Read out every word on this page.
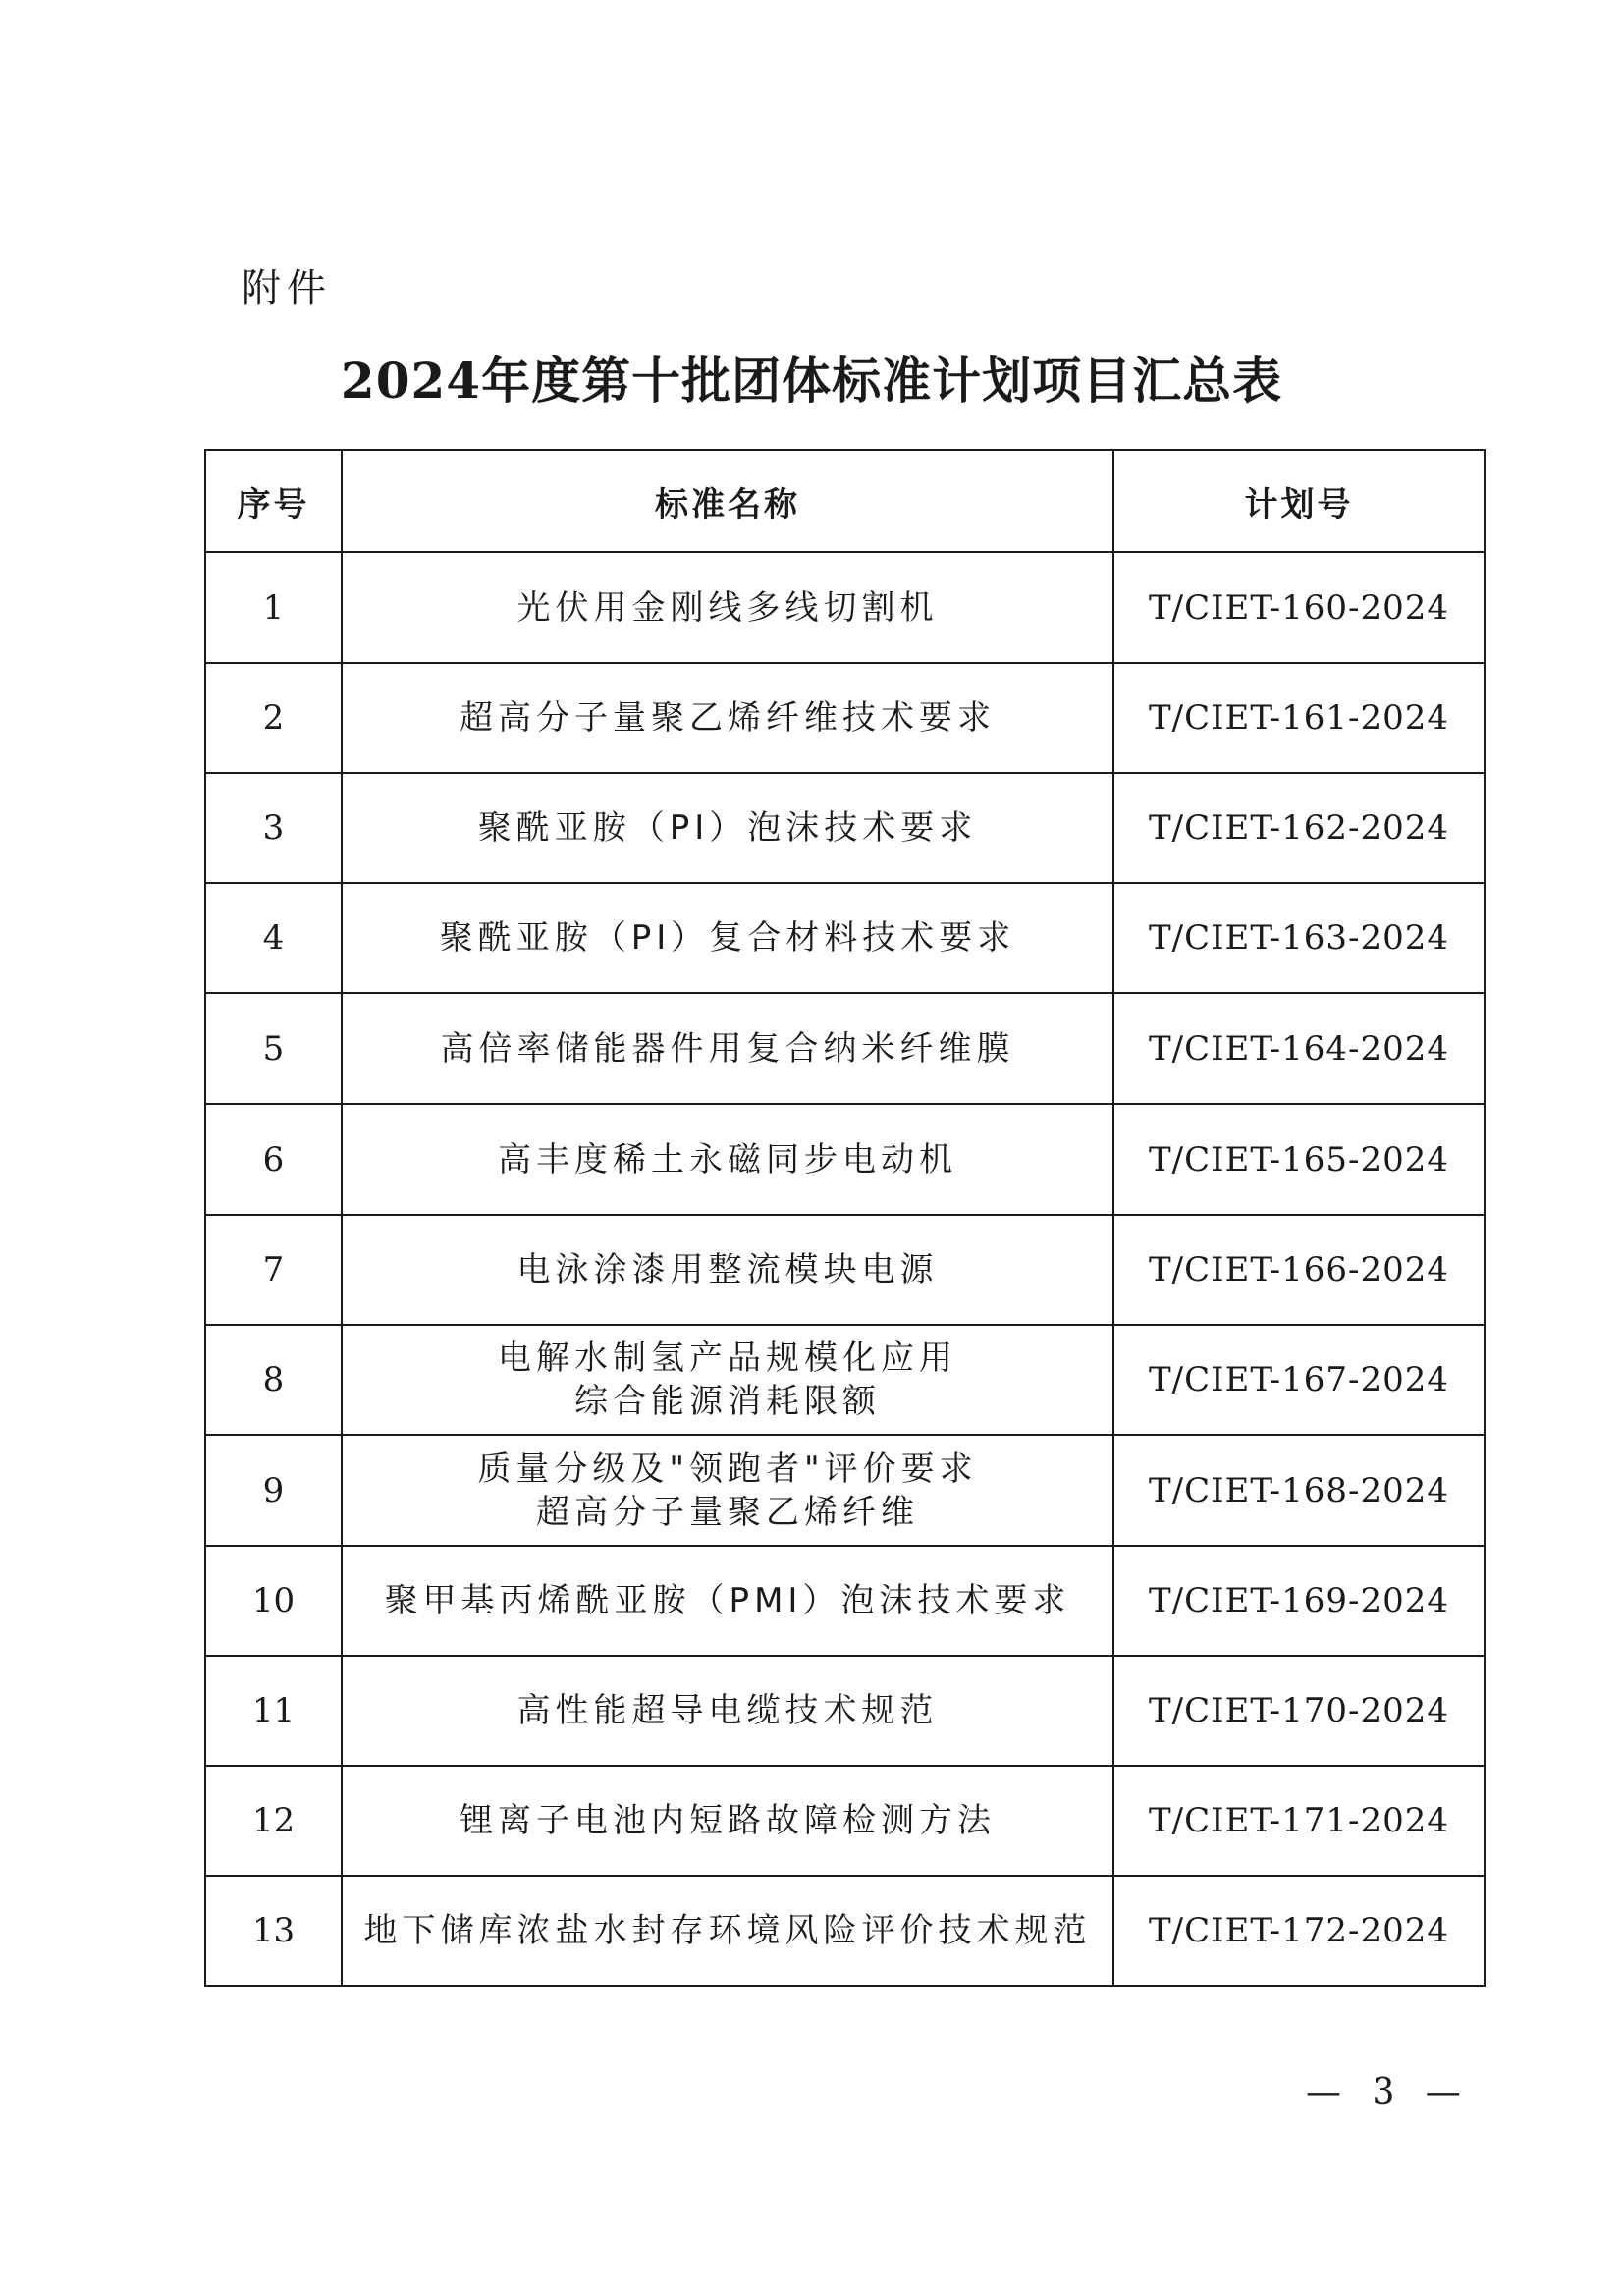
附件
2024年度第十批团体标准计划项目汇总表
序号	标准名称	计划号
1	光伏用金刚线多线切割机	T/CIET-160-2024
2	超高分子量聚乙烯纤维技术要求	T/CIET-161-2024
3	聚酰亚胺（PI）泡沫技术要求	T/CIET-162-2024
4	聚酰亚胺（PI）复合材料技术要求	T/CIET-163-2024
5	高倍率储能器件用复合纳米纤维膜	T/CIET-164-2024
6	高丰度稀土永磁同步电动机	T/CIET-165-2024
7	电泳涂漆用整流模块电源	T/CIET-166-2024
8	电解水制氢产品规模化应用
综合能源消耗限额	T/CIET-167-2024
9	质量分级及"领跑者"评价要求
超高分子量聚乙烯纤维	T/CIET-168-2024
10	聚甲基丙烯酰亚胺（PMI）泡沫技术要求	T/CIET-169-2024
11	高性能超导电缆技术规范	T/CIET-170-2024
12	锂离子电池内短路故障检测方法	T/CIET-171-2024
13	地下储库浓盐水封存环境风险评价技术规范	T/CIET-172-2024
— 3 —
